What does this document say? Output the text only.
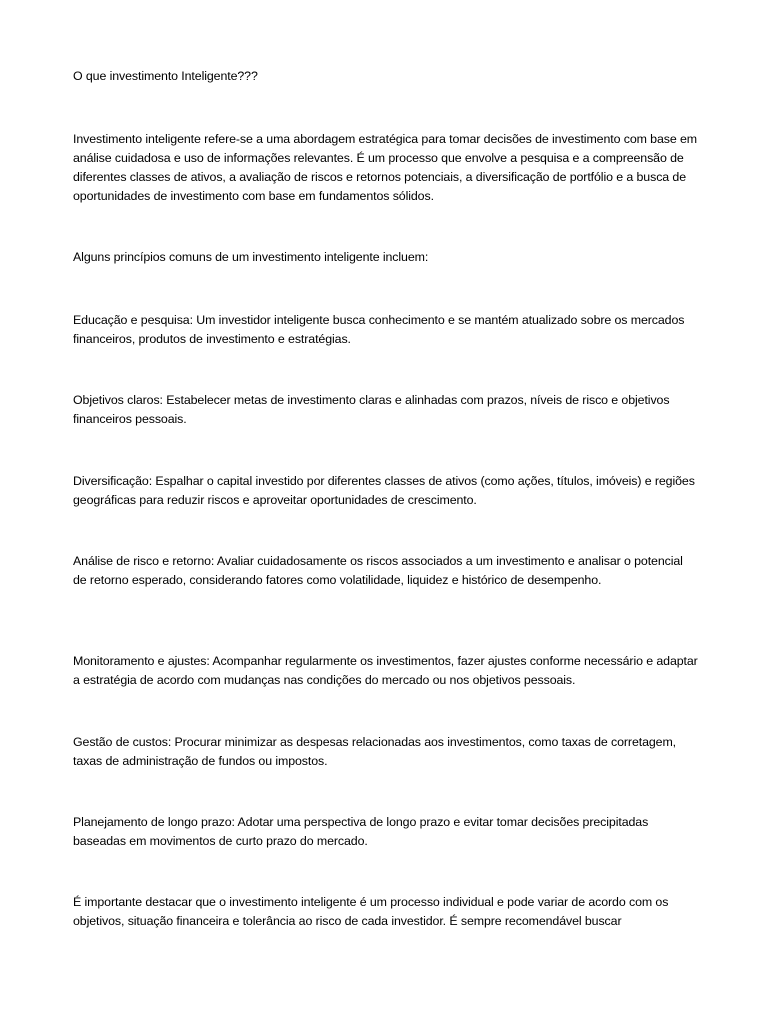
O que investimento Inteligente???

Investimento inteligente refere-se a uma abordagem estratégica para tomar decisões de investimento com base em análise cuidadosa e uso de informações relevantes. É um processo que envolve a pesquisa e a compreensão de diferentes classes de ativos, a avaliação de riscos e retornos potenciais, a diversificação de portfólio e a busca de oportunidades de investimento com base em fundamentos sólidos.

Alguns princípios comuns de um investimento inteligente incluem:

Educação e pesquisa: Um investidor inteligente busca conhecimento e se mantém atualizado sobre os mercados financeiros, produtos de investimento e estratégias.

Objetivos claros: Estabelecer metas de investimento claras e alinhadas com prazos, níveis de risco e objetivos financeiros pessoais.

Diversificação: Espalhar o capital investido por diferentes classes de ativos (como ações, títulos, imóveis) e regiões geográficas para reduzir riscos e aproveitar oportunidades de crescimento.

Análise de risco e retorno: Avaliar cuidadosamente os riscos associados a um investimento e analisar o potencial de retorno esperado, considerando fatores como volatilidade, liquidez e histórico de desempenho.

Monitoramento e ajustes: Acompanhar regularmente os investimentos, fazer ajustes conforme necessário e adaptar a estratégia de acordo com mudanças nas condições do mercado ou nos objetivos pessoais.

Gestão de custos: Procurar minimizar as despesas relacionadas aos investimentos, como taxas de corretagem, taxas de administração de fundos ou impostos.

Planejamento de longo prazo: Adotar uma perspectiva de longo prazo e evitar tomar decisões precipitadas baseadas em movimentos de curto prazo do mercado.

É importante destacar que o investimento inteligente é um processo individual e pode variar de acordo com os objetivos, situação financeira e tolerância ao risco de cada investidor. É sempre recomendável buscar
